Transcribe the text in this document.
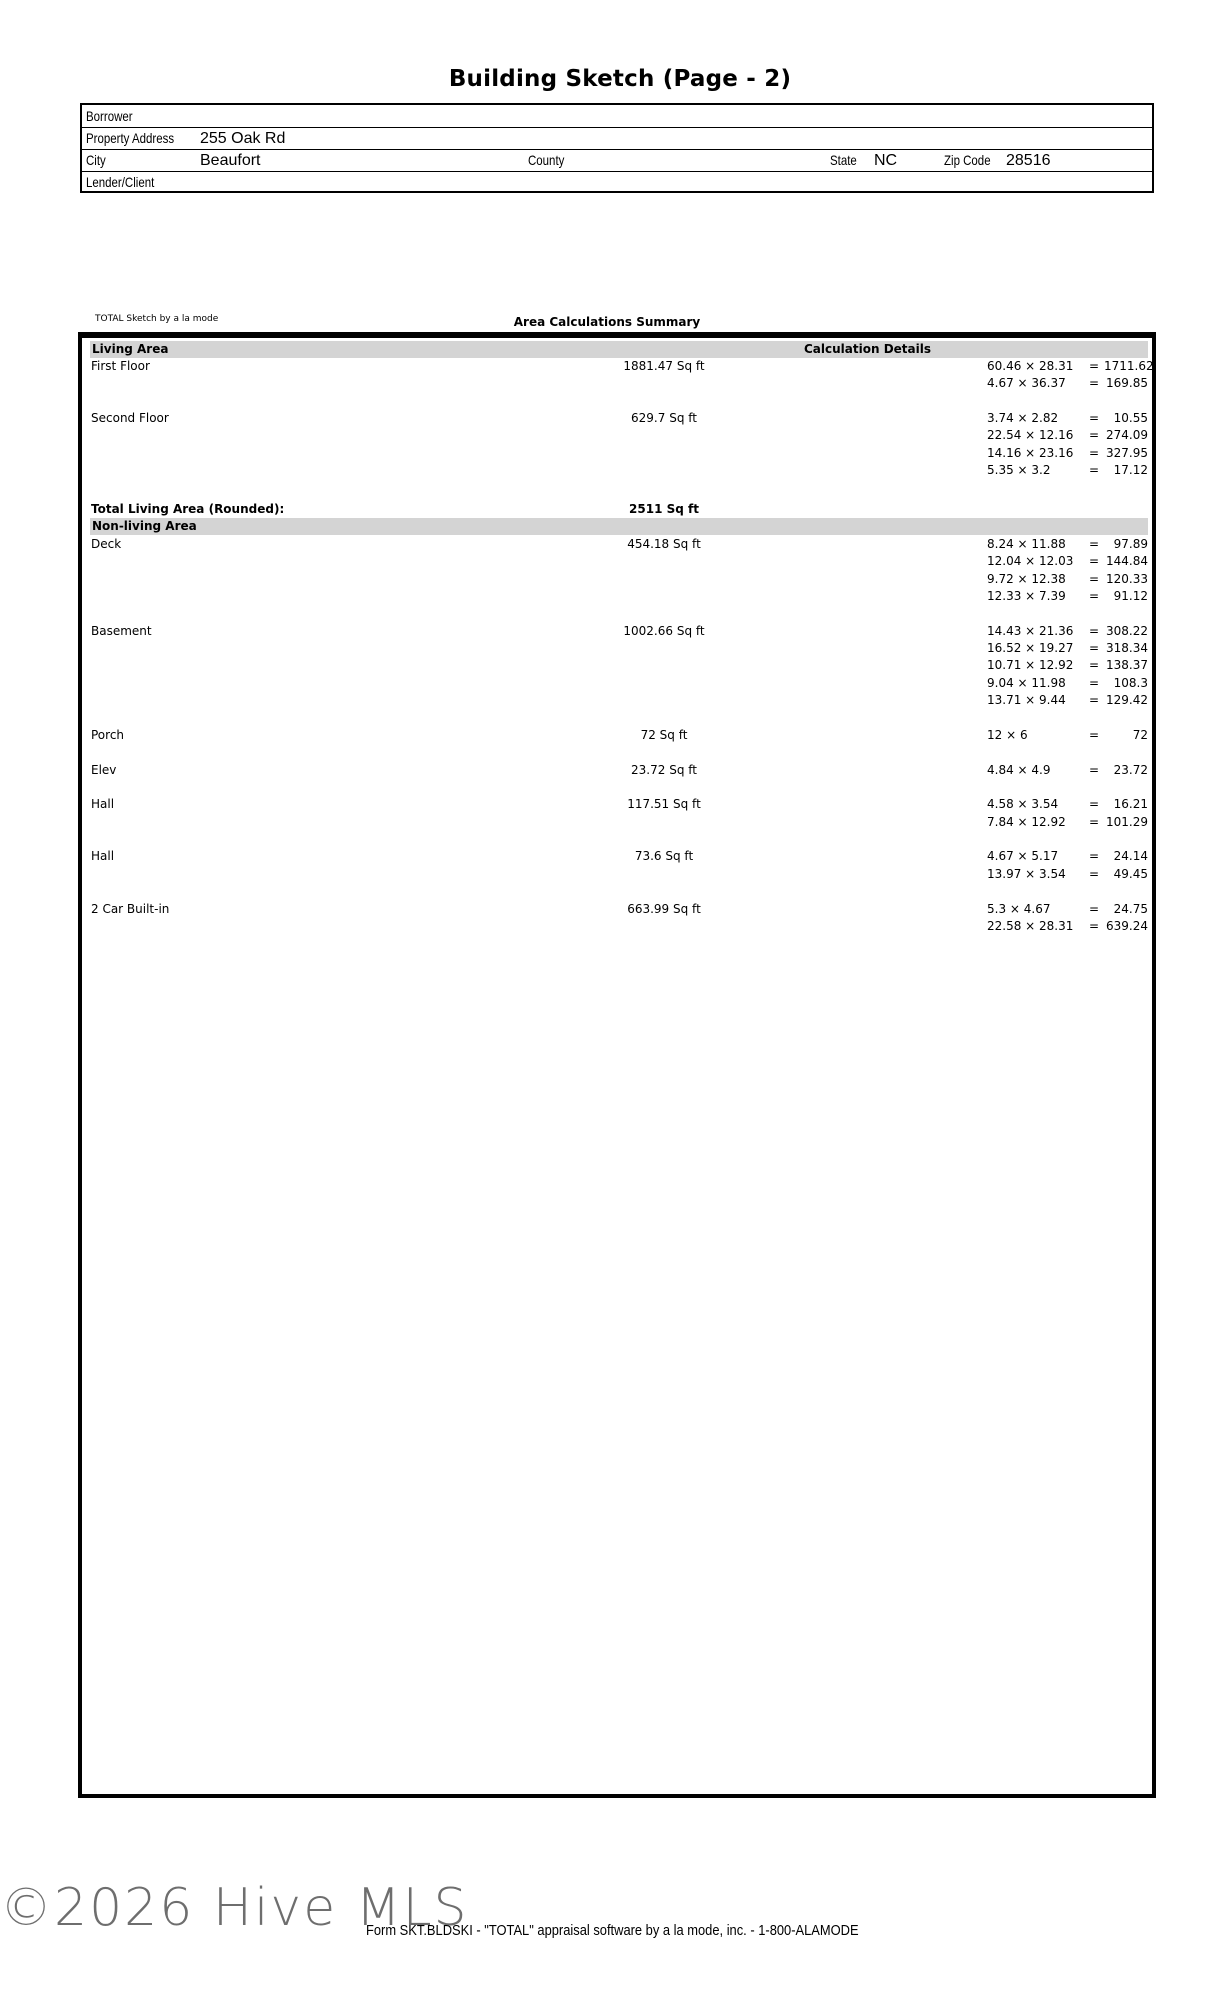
Building Sketch (Page - 2)
Borrower
Property Address 255 Oak Rd
City	Beaufort	County	State NC	Zip Code 28516
Lender/Client
TOTAL Sketch by a la mode	Area Calculations Summary
Living Area	Calculation Details
First Floor	1881.47 Sq ft	60.46 × 28.31 = 1711.62
4.67 × 36.37 = 169.85
Second Floor	629.7 Sq ft	3.74 × 2.82	=	10.55
22.54 × 12.16 = 274.09
14.16 × 23.16 = 327.95
5.35 × 3.2	=	17.12
Total Living Area (Rounded):	2511 Sq ft
Non-living Area
Deck	454.18 Sq ft	8.24 × 11.88 =	97.89
12.04 × 12.03 = 144.84
9.72 × 12.38 = 120.33
12.33 × 7.39 =	91.12
Basement	1002.66 Sq ft	14.43 × 21.36 = 308.22
16.52 × 19.27 = 318.34
10.71 × 12.92 = 138.37
9.04 × 11.98 =	108.3
13.71 × 9.44 = 129.42
Porch	72 Sq ft	12 × 6	=	72
Elev	23.72 Sq ft	4.84 × 4.9	=	23.72
Hall	117.51 Sq ft	4.58 × 3.54	=	16.21
7.84 × 12.92 = 101.29
Hall	73.6 Sq ft	4.67 × 5.17	=	24.14
13.97 × 3.54 =	49.45
2 Car Built-in	663.99 Sq ft	5.3 × 4.67	=	24.75
22.58 × 28.31 = 639.24
©2026 Hive MLS
Form SKT.BLDSKI - "TOTAL" appraisal software by a la mode, inc. - 1-800-ALAMODE
